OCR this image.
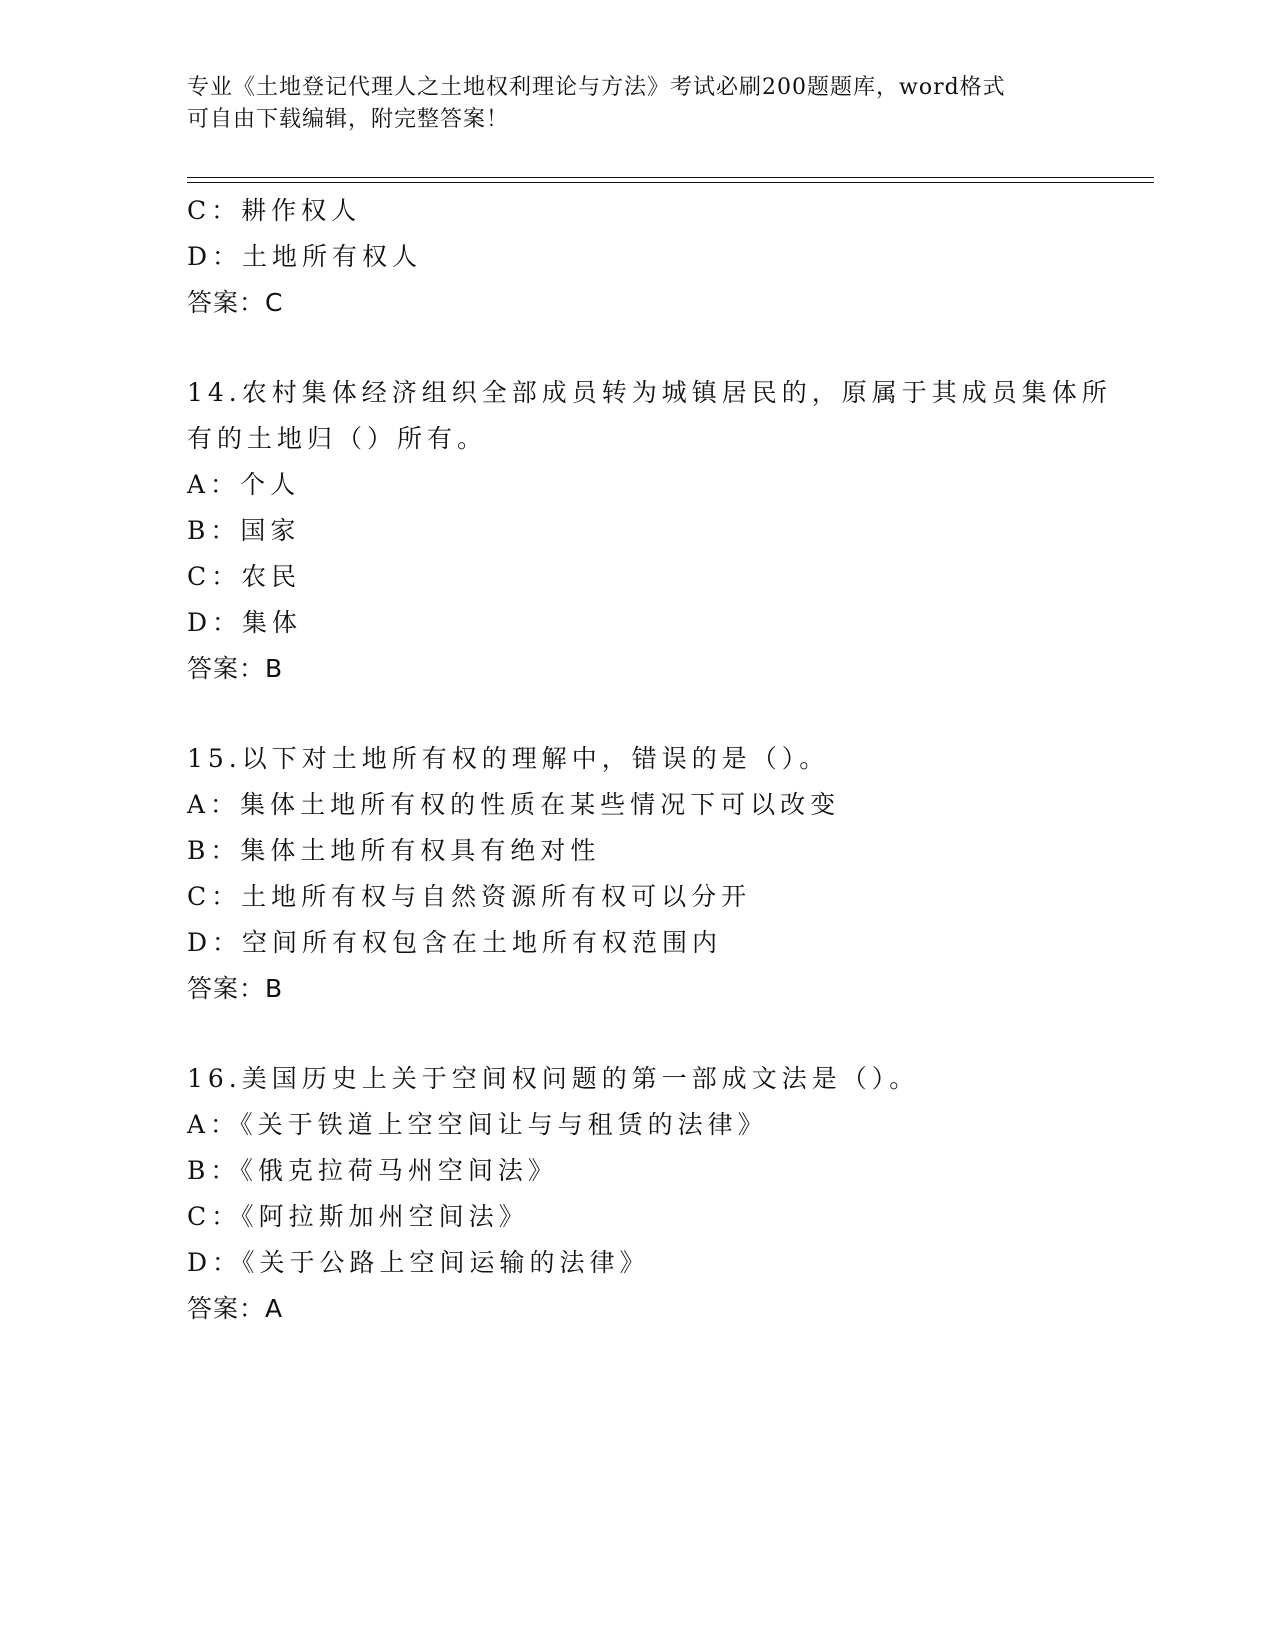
专业《土地登记代理人之土地权利理论与方法》考试必刷200题题库，word格式

可自由下载编辑，附完整答案！

C：耕作权人
D：土地所有权人
答案：C
14.农村集体经济组织全部成员转为城镇居民的，原属于其成员集体所
有的土地归（）所有。
A：个人
B：国家
C：农民
D：集体
答案：B
15.以下对土地所有权的理解中，错误的是（）。
A：集体土地所有权的性质在某些情况下可以改变
B：集体土地所有权具有绝对性
C：土地所有权与自然资源所有权可以分开
D：空间所有权包含在土地所有权范围内
答案：B
16.美国历史上关于空间权问题的第一部成文法是（）。
A：《关于铁道上空空间让与与租赁的法律》
B：《俄克拉荷马州空间法》
C：《阿拉斯加州空间法》
D：《关于公路上空间运输的法律》
答案：A
